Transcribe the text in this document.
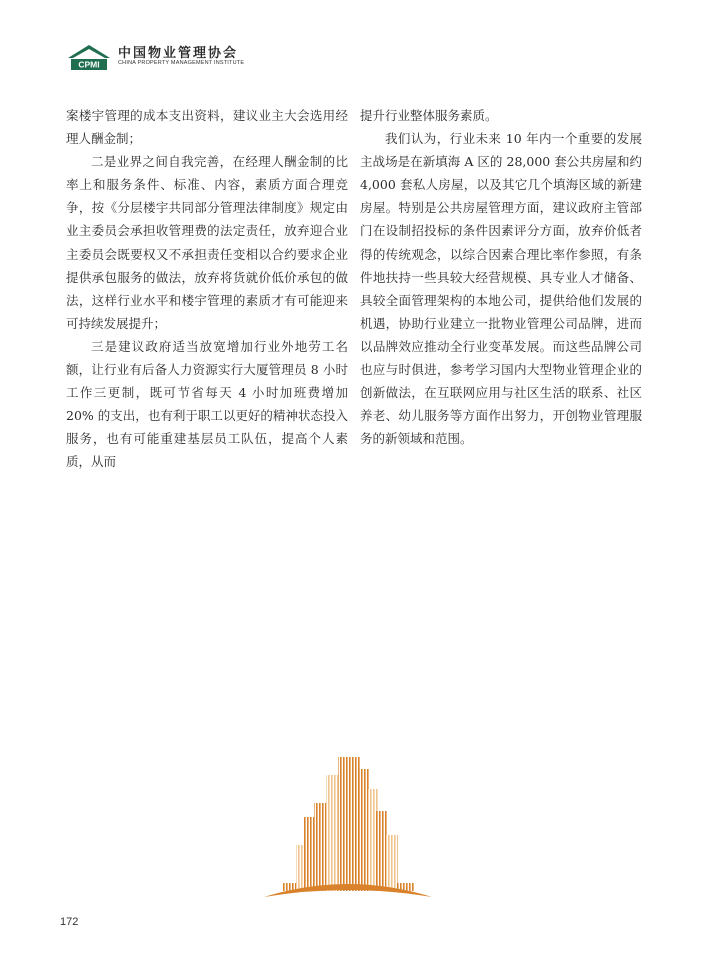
CPMI
中国物业管理协会
CHINA PROPERTY MANAGEMENT INSTITUTE

案楼宇管理的成本支出资料，建议业主大会选用经理人酬金制；

二是业界之间自我完善，在经理人酬金制的比率上和服务条件、标准、内容，素质方面合理竞争，按《分层楼宇共同部分管理法律制度》规定由业主委员会承担收管理费的法定责任，放弃迎合业主委员会既要权又不承担责任变相以合约要求企业提供承包服务的做法，放弃将货就价低价承包的做法，这样行业水平和楼宇管理的素质才有可能迎来可持续发展提升；

三是建议政府适当放宽增加行业外地劳工名额，让行业有后备人力资源实行大厦管理员 8 小时工作三更制，既可节省每天 4 小时加班费增加 20% 的支出，也有利于职工以更好的精神状态投入服务，也有可能重建基层员工队伍，提高个人素质，从而

提升行业整体服务素质。

我们认为，行业未来 10 年内一个重要的发展主战场是在新填海 A 区的 28,000 套公共房屋和约 4,000 套私人房屋，以及其它几个填海区域的新建房屋。特别是公共房屋管理方面，建议政府主管部门在设制招投标的条件因素评分方面，放弃价低者得的传统观念，以综合因素合理比率作参照，有条件地扶持一些具较大经营规模、具专业人才储备、具较全面管理架构的本地公司，提供给他们发展的机遇，协助行业建立一批物业管理公司品牌，进而以品牌效应推动全行业变革发展。而这些品牌公司也应与时俱进，参考学习国内大型物业管理企业的创新做法，在互联网应用与社区生活的联系、社区养老、幼儿服务等方面作出努力，开创物业管理服务的新领域和范围。

172
